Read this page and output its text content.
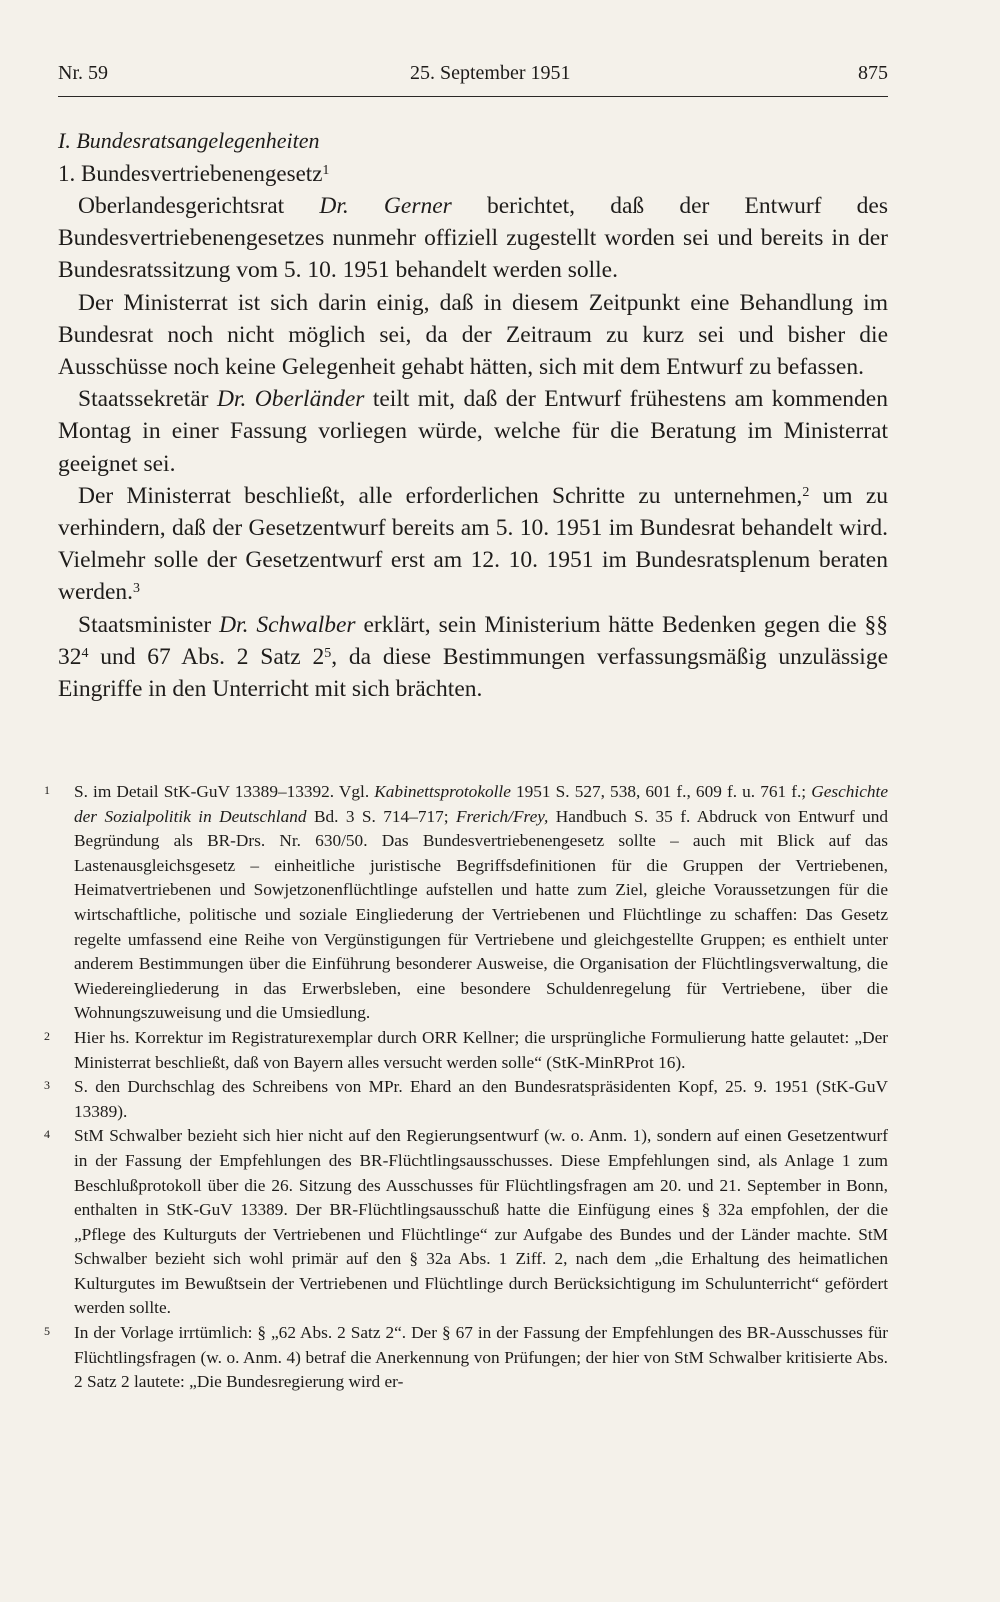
Nr. 59	25. September 1951	875

I. Bundesratsangelegenheiten

1. Bundesvertriebenengesetz$^1$

Oberlandesgerichtsrat Dr. Gerner berichtet, daß der Entwurf des Bundesvertriebenengesetzes nunmehr offiziell zugestellt worden sei und bereits in der Bundesratssitzung vom 5. 10. 1951 behandelt werden solle.

Der Ministerrat ist sich darin einig, daß in diesem Zeitpunkt eine Behandlung im Bundesrat noch nicht möglich sei, da der Zeitraum zu kurz sei und bisher die Ausschüsse noch keine Gelegenheit gehabt hätten, sich mit dem Entwurf zu befassen.

Staatssekretär Dr. Oberländer teilt mit, daß der Entwurf frühestens am kommenden Montag in einer Fassung vorliegen würde, welche für die Beratung im Ministerrat geeignet sei.

Der Ministerrat beschließt, alle erforderlichen Schritte zu unternehmen,$^2$ um zu verhindern, daß der Gesetzentwurf bereits am 5. 10. 1951 im Bundesrat behandelt wird. Vielmehr solle der Gesetzentwurf erst am 12. 10. 1951 im Bundesratsplenum beraten werden.$^3$

Staatsminister Dr. Schwalber erklärt, sein Ministerium hätte Bedenken gegen die §§ $32^4$ und 67 Abs. 2 Satz $2^5$, da diese Bestimmungen verfassungsmäßig unzulässige Eingriffe in den Unterricht mit sich brächten.

1 S. im Detail StK-GuV 13389–13392. Vgl. Kabinettsprotokolle 1951 S. 527, 538, 601 f., 609 f. u. 761 f.; Geschichte der Sozialpolitik in Deutschland Bd. 3 S. 714–717; Frerich/Frey, Handbuch S. 35 f. Abdruck von Entwurf und Begründung als BR-Drs. Nr. 630/50. Das Bundesvertriebenengesetz sollte – auch mit Blick auf das Lastenausgleichsgesetz – einheitliche juristische Begriffsdefinitionen für die Gruppen der Vertriebenen, Heimatvertriebenen und Sowjetzonenflüchtlinge aufstellen und hatte zum Ziel, gleiche Voraussetzungen für die wirtschaftliche, politische und soziale Eingliederung der Vertriebenen und Flüchtlinge zu schaffen: Das Gesetz regelte umfassend eine Reihe von Vergünstigungen für Vertriebene und gleichgestellte Gruppen; es enthielt unter anderem Bestimmungen über die Einführung besonderer Ausweise, die Organisation der Flüchtlingsverwaltung, die Wiedereingliederung in das Erwerbsleben, eine besondere Schuldenregelung für Vertriebene, über die Wohnungszuweisung und die Umsiedlung.

2 Hier hs. Korrektur im Registraturexemplar durch ORR Kellner; die ursprüngliche Formulierung hatte gelautet: „Der Ministerrat beschließt, daß von Bayern alles versucht werden solle“ (StK-MinRProt 16).

3 S. den Durchschlag des Schreibens von MPr. Ehard an den Bundesratspräsidenten Kopf, 25. 9. 1951 (StK-GuV 13389).

4 StM Schwalber bezieht sich hier nicht auf den Regierungsentwurf (w. o. Anm. 1), sondern auf einen Gesetzentwurf in der Fassung der Empfehlungen des BR-Flüchtlingsausschusses. Diese Empfehlungen sind, als Anlage 1 zum Beschlußprotokoll über die 26. Sitzung des Ausschusses für Flüchtlingsfragen am 20. und 21. September in Bonn, enthalten in StK-GuV 13389. Der BR-Flüchtlingsausschuß hatte die Einfügung eines § 32a empfohlen, der die „Pflege des Kulturguts der Vertriebenen und Flüchtlinge“ zur Aufgabe des Bundes und der Länder machte. StM Schwalber bezieht sich wohl primär auf den § 32a Abs. 1 Ziff. 2, nach dem „die Erhaltung des heimatlichen Kulturgutes im Bewußtsein der Vertriebenen und Flüchtlinge durch Berücksichtigung im Schulunterricht“ gefördert werden sollte.

5 In der Vorlage irrtümlich: § „62 Abs. 2 Satz 2“. Der § 67 in der Fassung der Empfehlungen des BR-Ausschusses für Flüchtlingsfragen (w. o. Anm. 4) betraf die Anerkennung von Prüfungen; der hier von StM Schwalber kritisierte Abs. 2 Satz 2 lautete: „Die Bundesregierung wird er-
